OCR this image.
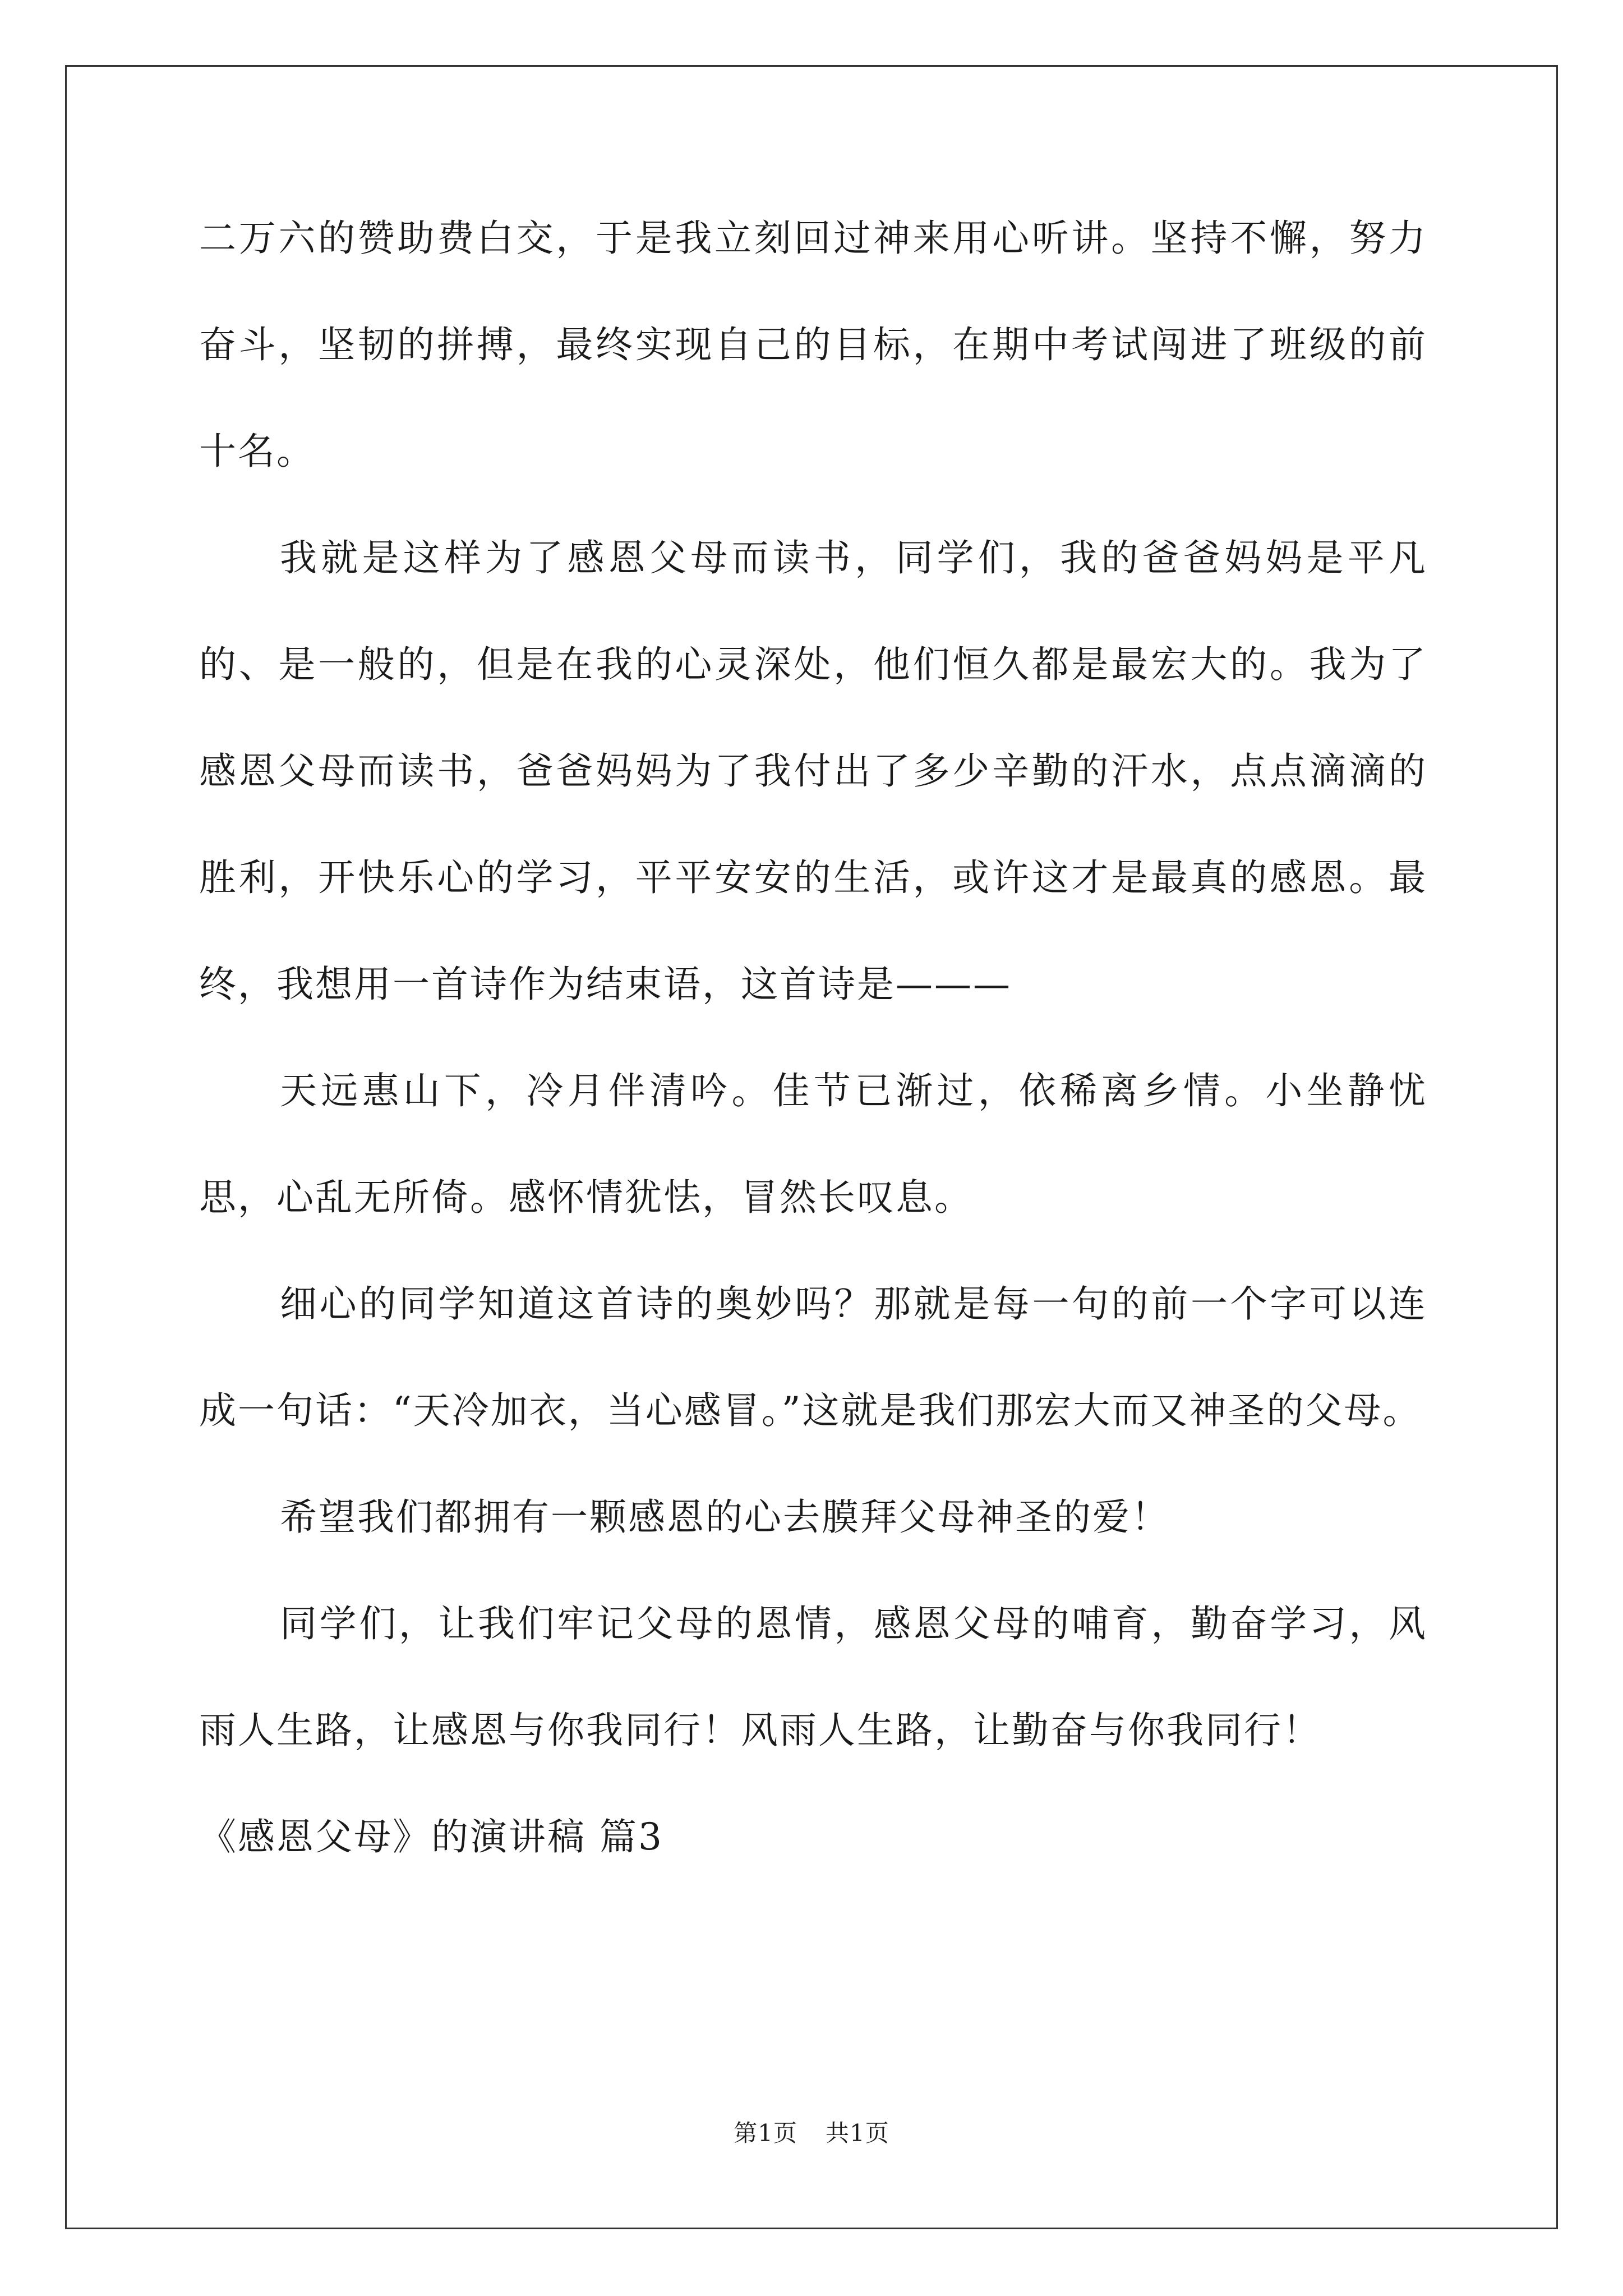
二万六的赞助费白交，于是我立刻回过神来用心听讲。坚持不懈，努力奋斗，坚韧的拼搏，最终实现自己的目标，在期中考试闯进了班级的前十名。

我就是这样为了感恩父母而读书，同学们，我的爸爸妈妈是平凡的、是一般的，但是在我的心灵深处，他们恒久都是最宏大的。我为了感恩父母而读书，爸爸妈妈为了我付出了多少辛勤的汗水，点点滴滴的胜利，开快乐心的学习，平平安安的生活，或许这才是最真的感恩。最终，我想用一首诗作为结束语，这首诗是———

天远惠山下，冷月伴清吟。佳节已渐过，依稀离乡情。小坐静忧思，心乱无所倚。感怀情犹怯，冒然长叹息。

细心的同学知道这首诗的奥妙吗？那就是每一句的前一个字可以连成一句话：“天冷加衣，当心感冒。”这就是我们那宏大而又神圣的父母。

希望我们都拥有一颗感恩的心去膜拜父母神圣的爱！

同学们，让我们牢记父母的恩情，感恩父母的哺育，勤奋学习，风雨人生路，让感恩与你我同行！风雨人生路，让勤奋与你我同行！

《感恩父母》的演讲稿 篇3

第1页 共1页
